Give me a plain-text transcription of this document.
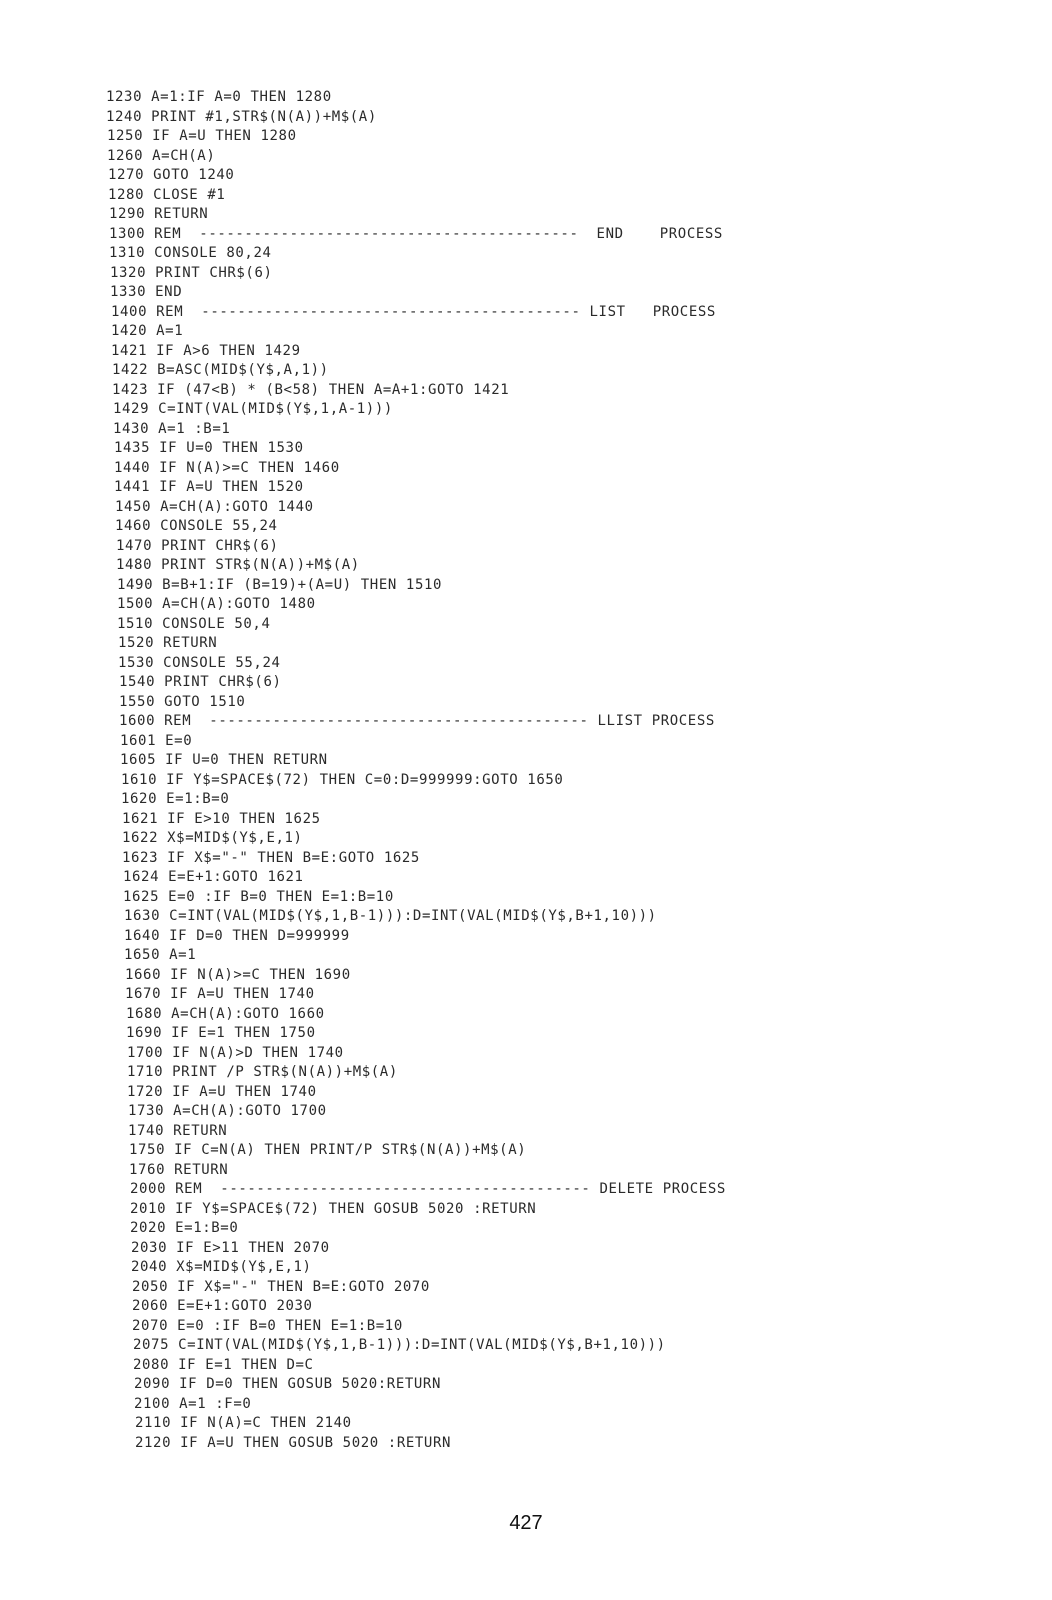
1230 A=1:IF A=0 THEN 1280
1240 PRINT #1,STR$(N(A))+M$(A)
1250 IF A=U THEN 1280
1260 A=CH(A)
1270 GOTO 1240
1280 CLOSE #1
1290 RETURN
1300 REM  ------------------------------------------  END    PROCESS
1310 CONSOLE 80,24
1320 PRINT CHR$(6)
1330 END
1400 REM  ------------------------------------------ LIST   PROCESS
1420 A=1
1421 IF A>6 THEN 1429
1422 B=ASC(MID$(Y$,A,1))
1423 IF (47<B) * (B<58) THEN A=A+1:GOTO 1421
1429 C=INT(VAL(MID$(Y$,1,A-1)))
1430 A=1 :B=1
1435 IF U=0 THEN 1530
1440 IF N(A)>=C THEN 1460
1441 IF A=U THEN 1520
1450 A=CH(A):GOTO 1440
1460 CONSOLE 55,24
1470 PRINT CHR$(6)
1480 PRINT STR$(N(A))+M$(A)
1490 B=B+1:IF (B=19)+(A=U) THEN 1510
1500 A=CH(A):GOTO 1480
1510 CONSOLE 50,4
1520 RETURN
1530 CONSOLE 55,24
1540 PRINT CHR$(6)
1550 GOTO 1510
1600 REM  ------------------------------------------ LLIST PROCESS
1601 E=0
1605 IF U=0 THEN RETURN
1610 IF Y$=SPACE$(72) THEN C=0:D=999999:GOTO 1650
1620 E=1:B=0
1621 IF E>10 THEN 1625
1622 X$=MID$(Y$,E,1)
1623 IF X$="-" THEN B=E:GOTO 1625
1624 E=E+1:GOTO 1621
1625 E=0 :IF B=0 THEN E=1:B=10
1630 C=INT(VAL(MID$(Y$,1,B-1))):D=INT(VAL(MID$(Y$,B+1,10)))
1640 IF D=0 THEN D=999999
1650 A=1
1660 IF N(A)>=C THEN 1690
1670 IF A=U THEN 1740
1680 A=CH(A):GOTO 1660
1690 IF E=1 THEN 1750
1700 IF N(A)>D THEN 1740
1710 PRINT /P STR$(N(A))+M$(A)
1720 IF A=U THEN 1740
1730 A=CH(A):GOTO 1700
1740 RETURN
1750 IF C=N(A) THEN PRINT/P STR$(N(A))+M$(A)
1760 RETURN
2000 REM  ----------------------------------------- DELETE PROCESS
2010 IF Y$=SPACE$(72) THEN GOSUB 5020 :RETURN
2020 E=1:B=0
2030 IF E>11 THEN 2070
2040 X$=MID$(Y$,E,1)
2050 IF X$="-" THEN B=E:GOTO 2070
2060 E=E+1:GOTO 2030
2070 E=0 :IF B=0 THEN E=1:B=10
2075 C=INT(VAL(MID$(Y$,1,B-1))):D=INT(VAL(MID$(Y$,B+1,10)))
2080 IF E=1 THEN D=C
2090 IF D=0 THEN GOSUB 5020:RETURN
2100 A=1 :F=0
2110 IF N(A)=C THEN 2140
2120 IF A=U THEN GOSUB 5020 :RETURN
427
